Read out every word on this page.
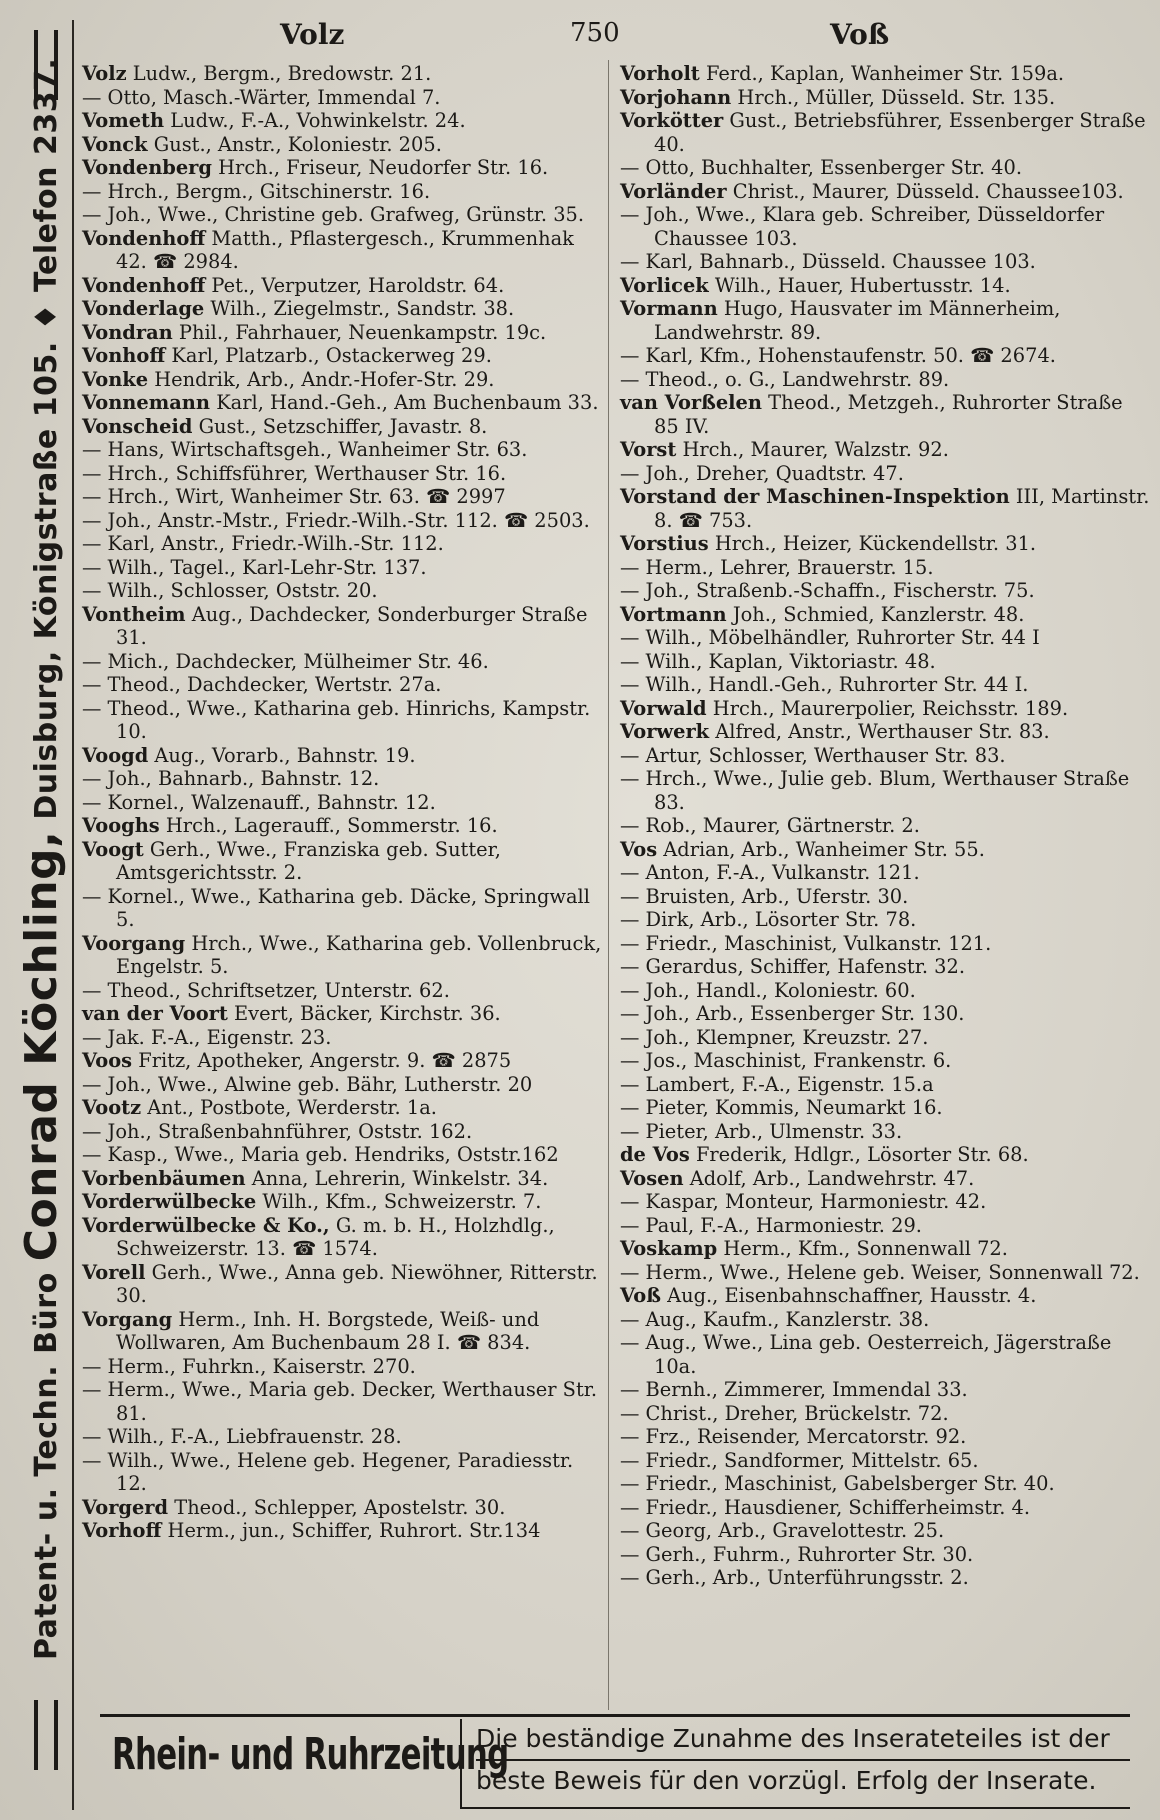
Patent- u. Techn. Büro Conrad Köchling, Duisburg, Königstraße 105. ♦ Telefon 2337.
Volz	750	Voß

Volz Ludw., Bergm., Bredowstr. 21.

— Otto, Masch.-Wärter, Immendal 7.

Vometh Ludw., F.-A., Vohwinkelstr. 24.

Vonck Gust., Anstr., Koloniestr. 205.

Vondenberg Hrch., Friseur, Neudorfer Str. 16.

— Hrch., Bergm., Gitschinerstr. 16.

— Joh., Wwe., Christine geb. Grafweg, Grünstr. 35.

Vondenhoff Matth., Pflastergesch., Krummenhak 42. ☎ 2984.

Vondenhoff Pet., Verputzer, Haroldstr. 64.

Vonderlage Wilh., Ziegelmstr., Sandstr. 38.

Vondran Phil., Fahrhauer, Neuenkampstr. 19c.

Vonhoff Karl, Platzarb., Ostackerweg 29.

Vonke Hendrik, Arb., Andr.-Hofer-Str. 29.

Vonnemann Karl, Hand.-Geh., Am Buchenbaum 33.

Vonscheid Gust., Setzschiffer, Javastr. 8.

— Hans, Wirtschaftsgeh., Wanheimer Str. 63.

— Hrch., Schiffsführer, Werthauser Str. 16.

— Hrch., Wirt, Wanheimer Str. 63. ☎ 2997

— Joh., Anstr.-Mstr., Friedr.-Wilh.-Str. 112. ☎ 2503.

— Karl, Anstr., Friedr.-Wilh.-Str. 112.

— Wilh., Tagel., Karl-Lehr-Str. 137.

— Wilh., Schlosser, Oststr. 20.

Vontheim Aug., Dachdecker, Sonderburger Straße 31.

— Mich., Dachdecker, Mülheimer Str. 46.

— Theod., Dachdecker, Wertstr. 27a.

— Theod., Wwe., Katharina geb. Hinrichs, Kampstr. 10.

Voogd Aug., Vorarb., Bahnstr. 19.

— Joh., Bahnarb., Bahnstr. 12.

— Kornel., Walzenauff., Bahnstr. 12.

Vooghs Hrch., Lagerauff., Sommerstr. 16.

Voogt Gerh., Wwe., Franziska geb. Sutter, Amtsgerichtsstr. 2.

— Kornel., Wwe., Katharina geb. Däcke, Springwall 5.

Voorgang Hrch., Wwe., Katharina geb. Vollenbruck, Engelstr. 5.

— Theod., Schriftsetzer, Unterstr. 62.

van der Voort Evert, Bäcker, Kirchstr. 36.

— Jak. F.-A., Eigenstr. 23.

Voos Fritz, Apotheker, Angerstr. 9. ☎ 2875

— Joh., Wwe., Alwine geb. Bähr, Lutherstr. 20

Vootz Ant., Postbote, Werderstr. 1a.

— Joh., Straßenbahnführer, Oststr. 162.

— Kasp., Wwe., Maria geb. Hendriks, Oststr.162

Vorbenbäumen Anna, Lehrerin, Winkelstr. 34.

Vorderwülbecke Wilh., Kfm., Schweizerstr. 7.

Vorderwülbecke & Ko., G. m. b. H., Holzhdlg., Schweizerstr. 13. ☎ 1574.

Vorell Gerh., Wwe., Anna geb. Niewöhner, Ritterstr. 30.

Vorgang Herm., Inh. H. Borgstede, Weiß- und Wollwaren, Am Buchenbaum 28 I. ☎ 834.

— Herm., Fuhrkn., Kaiserstr. 270.

— Herm., Wwe., Maria geb. Decker, Werthauser Str. 81.

— Wilh., F.-A., Liebfrauenstr. 28.

— Wilh., Wwe., Helene geb. Hegener, Paradiesstr. 12.

Vorgerd Theod., Schlepper, Apostelstr. 30.

Vorhoff Herm., jun., Schiffer, Ruhrort. Str.134

Vorholt Ferd., Kaplan, Wanheimer Str. 159a.

Vorjohann Hrch., Müller, Düsseld. Str. 135.

Vorkötter Gust., Betriebsführer, Essenberger Straße 40.

— Otto, Buchhalter, Essenberger Str. 40.

Vorländer Christ., Maurer, Düsseld. Chaussee103.

— Joh., Wwe., Klara geb. Schreiber, Düsseldorfer Chaussee 103.

— Karl, Bahnarb., Düsseld. Chaussee 103.

Vorlicek Wilh., Hauer, Hubertusstr. 14.

Vormann Hugo, Hausvater im Männerheim, Landwehrstr. 89.

— Karl, Kfm., Hohenstaufenstr. 50. ☎ 2674.

— Theod., o. G., Landwehrstr. 89.

van Vorßelen Theod., Metzgeh., Ruhrorter Straße 85 IV.

Vorst Hrch., Maurer, Walzstr. 92.

— Joh., Dreher, Quadtstr. 47.

Vorstand der Maschinen-Inspektion III, Martinstr. 8. ☎ 753.

Vorstius Hrch., Heizer, Kückendellstr. 31.

— Herm., Lehrer, Brauerstr. 15.

— Joh., Straßenb.-Schaffn., Fischerstr. 75.

Vortmann Joh., Schmied, Kanzlerstr. 48.

— Wilh., Möbelhändler, Ruhrorter Str. 44 I

— Wilh., Kaplan, Viktoriastr. 48.

— Wilh., Handl.-Geh., Ruhrorter Str. 44 I.

Vorwald Hrch., Maurerpolier, Reichsstr. 189.

Vorwerk Alfred, Anstr., Werthauser Str. 83.

— Artur, Schlosser, Werthauser Str. 83.

— Hrch., Wwe., Julie geb. Blum, Werthauser Straße 83.

— Rob., Maurer, Gärtnerstr. 2.

Vos Adrian, Arb., Wanheimer Str. 55.

— Anton, F.-A., Vulkanstr. 121.

— Bruisten, Arb., Uferstr. 30.

— Dirk, Arb., Lösorter Str. 78.

— Friedr., Maschinist, Vulkanstr. 121.

— Gerardus, Schiffer, Hafenstr. 32.

— Joh., Handl., Koloniestr. 60.

— Joh., Arb., Essenberger Str. 130.

— Joh., Klempner, Kreuzstr. 27.

— Jos., Maschinist, Frankenstr. 6.

— Lambert, F.-A., Eigenstr. 15.a

— Pieter, Kommis, Neumarkt 16.

— Pieter, Arb., Ulmenstr. 33.

de Vos Frederik, Hdlgr., Lösorter Str. 68.

Vosen Adolf, Arb., Landwehrstr. 47.

— Kaspar, Monteur, Harmoniestr. 42.

— Paul, F.-A., Harmoniestr. 29.

Voskamp Herm., Kfm., Sonnenwall 72.

— Herm., Wwe., Helene geb. Weiser, Sonnenwall 72.

Voß Aug., Eisenbahnschaffner, Hausstr. 4.

— Aug., Kaufm., Kanzlerstr. 38.

— Aug., Wwe., Lina geb. Oesterreich, Jägerstraße 10a.

— Bernh., Zimmerer, Immendal 33.

— Christ., Dreher, Brückelstr. 72.

— Frz., Reisender, Mercatorstr. 92.

— Friedr., Sandformer, Mittelstr. 65.

— Friedr., Maschinist, Gabelsberger Str. 40.

— Friedr., Hausdiener, Schifferheimstr. 4.

— Georg, Arb., Gravelottestr. 25.

— Gerh., Fuhrm., Ruhrorter Str. 30.

— Gerh., Arb., Unterführungsstr. 2.

Rhein- und Ruhrzeitung
Die beständige Zunahme des Inserateteiles ist der
beste Beweis für den vorzügl. Erfolg der Inserate.
